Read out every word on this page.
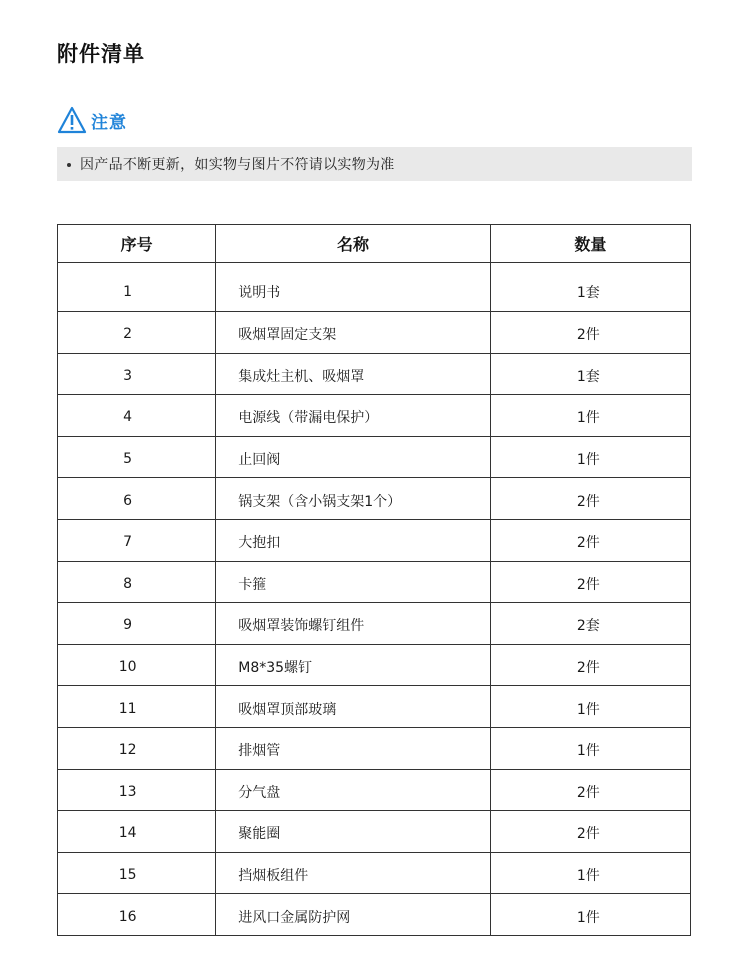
附件清单
注意
因产品不断更新，如实物与图片不符请以实物为准
序号	名称	数量
1	说明书	1套
2	吸烟罩固定支架	2件
3	集成灶主机、吸烟罩	1套
4	电源线（带漏电保护）	1件
5	止回阀	1件
6	锅支架（含小锅支架1个）	2件
7	大抱扣	2件
8	卡箍	2件
9	吸烟罩装饰螺钉组件	2套
10	M8*35螺钉	2件
11	吸烟罩顶部玻璃	1件
12	排烟管	1件
13	分气盘	2件
14	聚能圈	2件
15	挡烟板组件	1件
16	进风口金属防护网	1件
